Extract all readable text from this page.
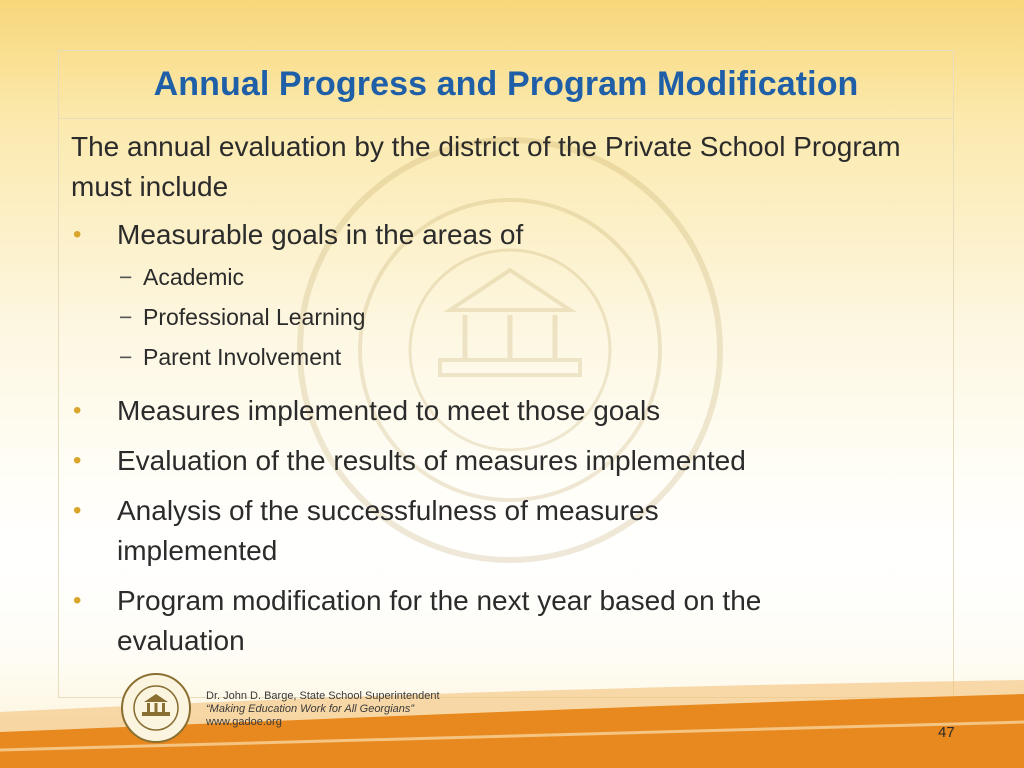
Annual Progress and Program Modification

The annual evaluation by the district of the Private School Program must include

• Measurable goals in the areas of
− Academic
− Professional Learning
− Parent Involvement
• Measures implemented to meet those goals
• Evaluation of the results of measures implemented
• Analysis of the successfulness of measures implemented
• Program modification for the next year based on the evaluation
Dr. John D. Barge, State School Superintendent
“Making Education Work for All Georgians”
www.gadoe.org
47
